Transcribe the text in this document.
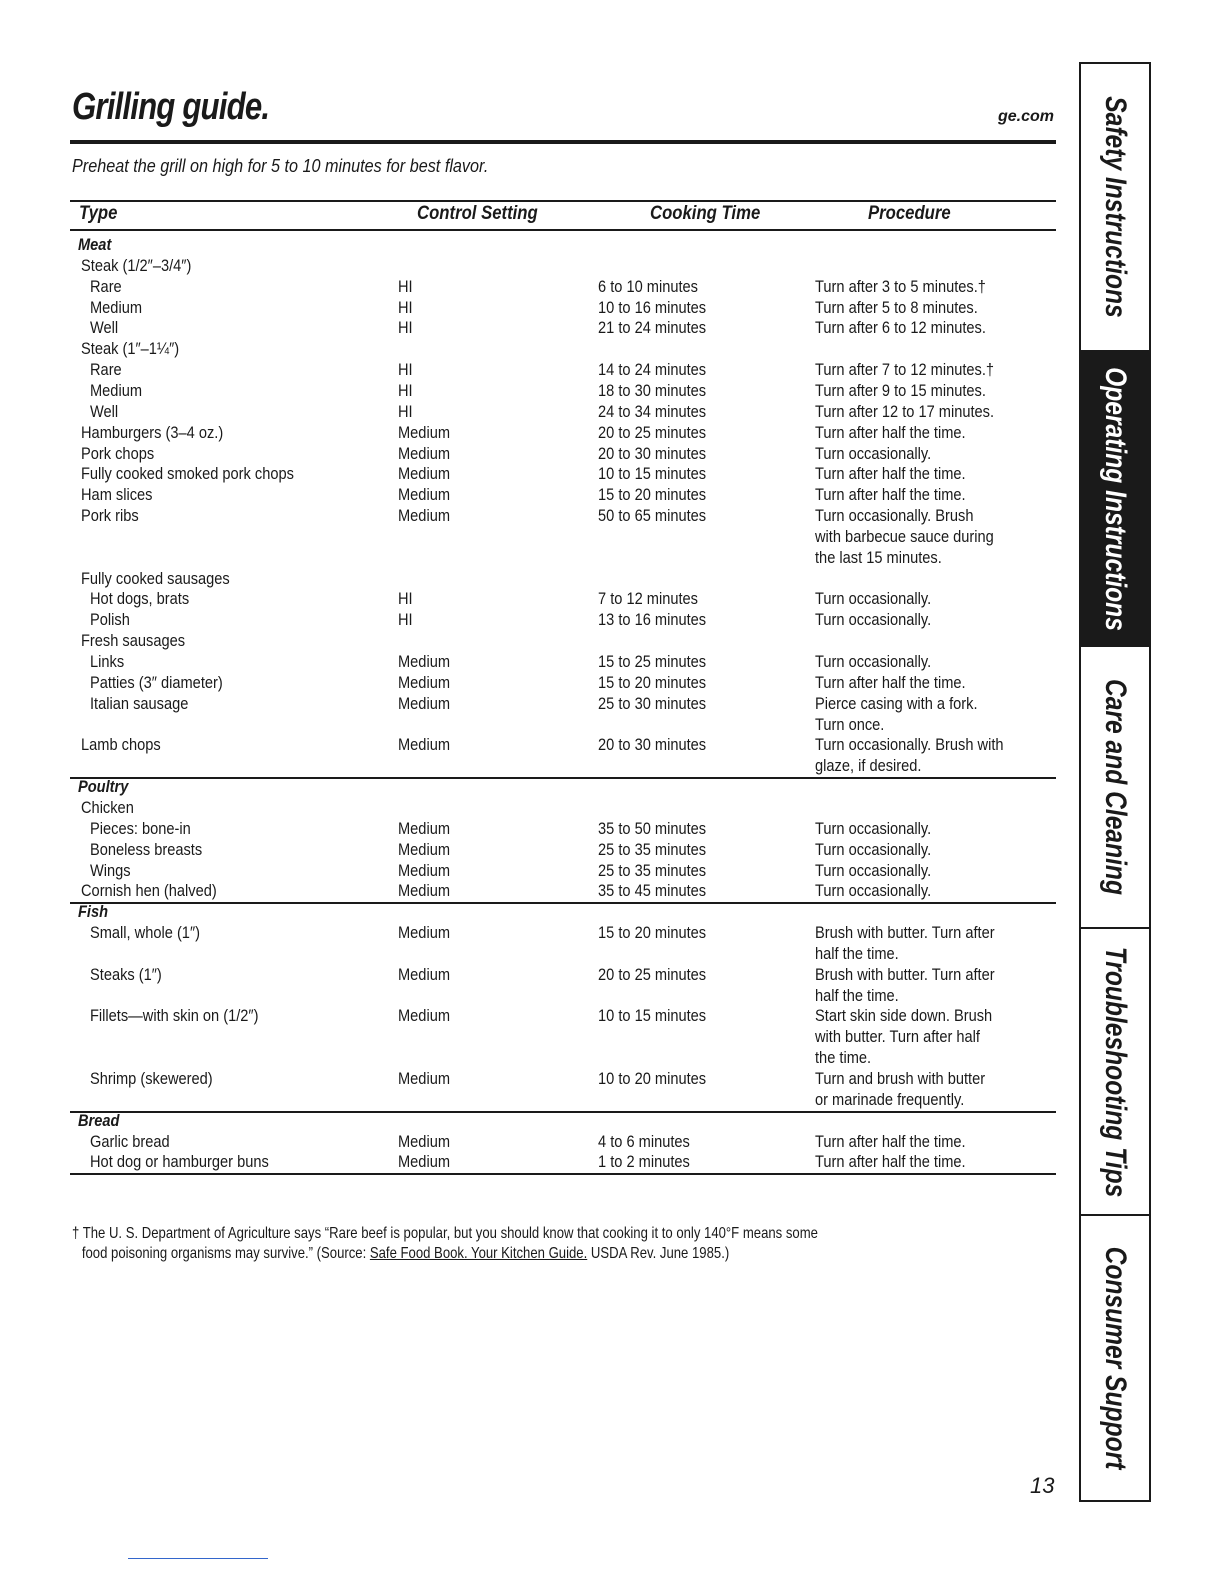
Grilling guide.	ge.com
Preheat the grill on high for 5 to 10 minutes for best flavor.
Type	Control Setting	Cooking Time	Procedure
Meat
Steak (1/2″–3/4″)
Rare	HI	6 to 10 minutes	Turn after 3 to 5 minutes.†
Medium	HI	10 to 16 minutes	Turn after 5 to 8 minutes.
Well	HI	21 to 24 minutes	Turn after 6 to 12 minutes.
Steak (1″–1¼″)
Rare	HI	14 to 24 minutes	Turn after 7 to 12 minutes.†
Medium	HI	18 to 30 minutes	Turn after 9 to 15 minutes.
Well	HI	24 to 34 minutes	Turn after 12 to 17 minutes.
Hamburgers (3–4 oz.)	Medium	20 to 25 minutes	Turn after half the time.
Pork chops	Medium	20 to 30 minutes	Turn occasionally.
Fully cooked smoked pork chops	Medium	10 to 15 minutes	Turn after half the time.
Ham slices	Medium	15 to 20 minutes	Turn after half the time.
Pork ribs	Medium	50 to 65 minutes	Turn occasionally. Brush
with barbecue sauce during
the last 15 minutes.
Fully cooked sausages
Hot dogs, brats	HI	7 to 12 minutes	Turn occasionally.
Polish	HI	13 to 16 minutes	Turn occasionally.
Fresh sausages
Links	Medium	15 to 25 minutes	Turn occasionally.
Patties (3″ diameter)	Medium	15 to 20 minutes	Turn after half the time.
Italian sausage	Medium	25 to 30 minutes	Pierce casing with a fork.
Turn once.
Lamb chops	Medium	20 to 30 minutes	Turn occasionally. Brush with
glaze, if desired.
Poultry
Chicken
Pieces: bone-in	Medium	35 to 50 minutes	Turn occasionally.
Boneless breasts	Medium	25 to 35 minutes	Turn occasionally.
Wings	Medium	25 to 35 minutes	Turn occasionally.
Cornish hen (halved)	Medium	35 to 45 minutes	Turn occasionally.
Fish
Small, whole (1″)	Medium	15 to 20 minutes	Brush with butter. Turn after
half the time.
Steaks (1″)	Medium	20 to 25 minutes	Brush with butter. Turn after
half the time.
Fillets—with skin on (1/2″)	Medium	10 to 15 minutes	Start skin side down. Brush
with butter. Turn after half
the time.
Shrimp (skewered)	Medium	10 to 20 minutes	Turn and brush with butter
or marinade frequently.
Bread
Garlic bread	Medium	4 to 6 minutes	Turn after half the time.
Hot dog or hamburger buns	Medium	1 to 2 minutes	Turn after half the time.
† The U. S. Department of Agriculture says “Rare beef is popular, but you should know that cooking it to only 140°F means some
food poisoning organisms may survive.” (Source: Safe Food Book. Your Kitchen Guide. USDA Rev. June 1985.)
13
Safety Instructions
Operating Instructions
Care and Cleaning
Troubleshooting Tips
Consumer Support
